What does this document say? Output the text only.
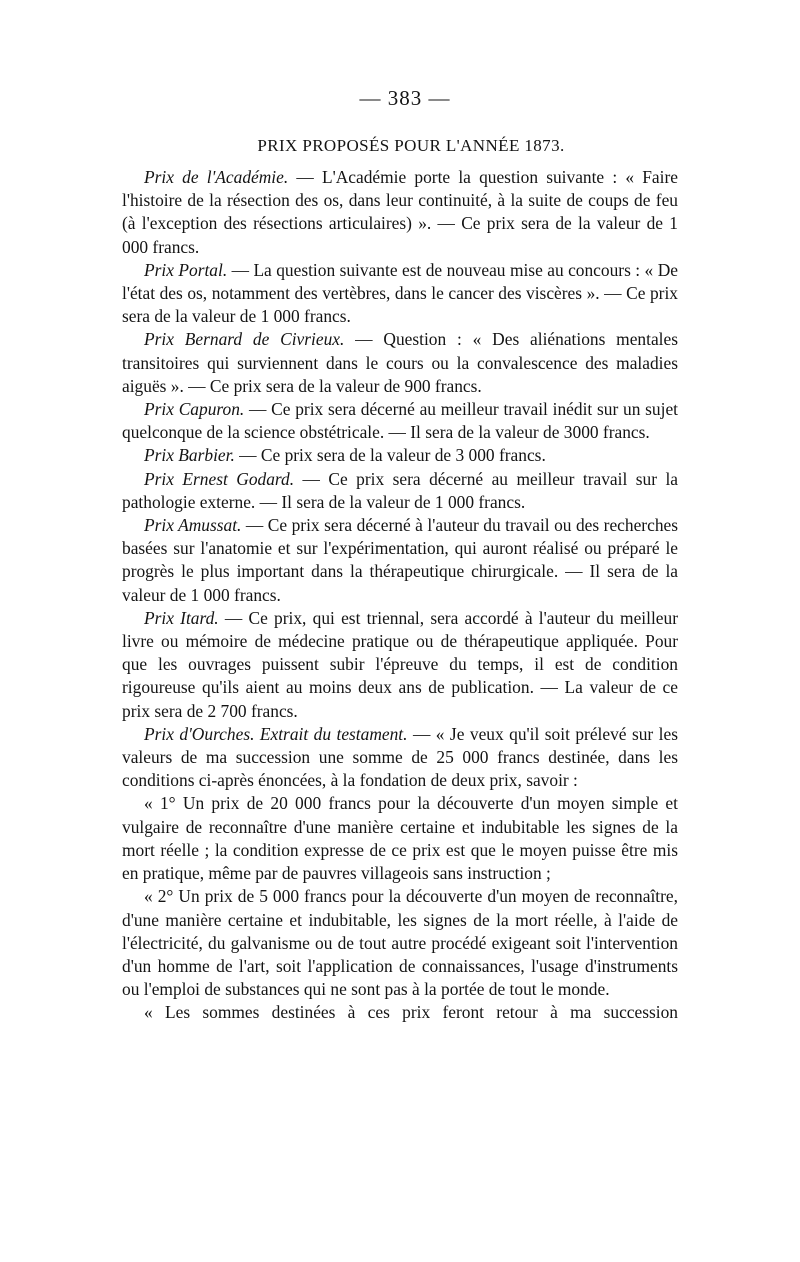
— 383 —
PRIX PROPOSÉS POUR L'ANNÉE 1873.

Prix de l'Académie. — L'Académie porte la question suivante : « Faire l'histoire de la résection des os, dans leur continuité, à la suite de coups de feu (à l'exception des résections articulaires) ». — Ce prix sera de la valeur de 1 000 francs.

Prix Portal. — La question suivante est de nouveau mise au concours : « De l'état des os, notamment des vertèbres, dans le cancer des viscères ». — Ce prix sera de la valeur de 1 000 francs.

Prix Bernard de Civrieux. — Question : « Des aliénations mentales transitoires qui surviennent dans le cours ou la convalescence des maladies aiguës ». — Ce prix sera de la valeur de 900 francs.

Prix Capuron. — Ce prix sera décerné au meilleur travail inédit sur un sujet quelconque de la science obstétricale. — Il sera de la valeur de 3000 francs.

Prix Barbier. — Ce prix sera de la valeur de 3 000 francs.

Prix Ernest Godard. — Ce prix sera décerné au meilleur travail sur la pathologie externe. — Il sera de la valeur de 1 000 francs.

Prix Amussat. — Ce prix sera décerné à l'auteur du travail ou des recherches basées sur l'anatomie et sur l'expérimentation, qui auront réalisé ou préparé le progrès le plus important dans la thérapeutique chirurgicale. — Il sera de la valeur de 1 000 francs.

Prix Itard. — Ce prix, qui est triennal, sera accordé à l'auteur du meilleur livre ou mémoire de médecine pratique ou de thérapeutique appliquée. Pour que les ouvrages puissent subir l'épreuve du temps, il est de condition rigoureuse qu'ils aient au moins deux ans de publication. — La valeur de ce prix sera de 2 700 francs.

Prix d'Ourches. Extrait du testament. — « Je veux qu'il soit prélevé sur les valeurs de ma succession une somme de 25 000 francs destinée, dans les conditions ci-après énoncées, à la fondation de deux prix, savoir :

« 1° Un prix de 20 000 francs pour la découverte d'un moyen simple et vulgaire de reconnaître d'une manière certaine et indubitable les signes de la mort réelle ; la condition expresse de ce prix est que le moyen puisse être mis en pratique, même par de pauvres villageois sans instruction ;

« 2° Un prix de 5 000 francs pour la découverte d'un moyen de reconnaître, d'une manière certaine et indubitable, les signes de la mort réelle, à l'aide de l'électricité, du galvanisme ou de tout autre procédé exigeant soit l'intervention d'un homme de l'art, soit l'application de connaissances, l'usage d'instruments ou l'emploi de substances qui ne sont pas à la portée de tout le monde.

« Les sommes destinées à ces prix feront retour à ma succession
